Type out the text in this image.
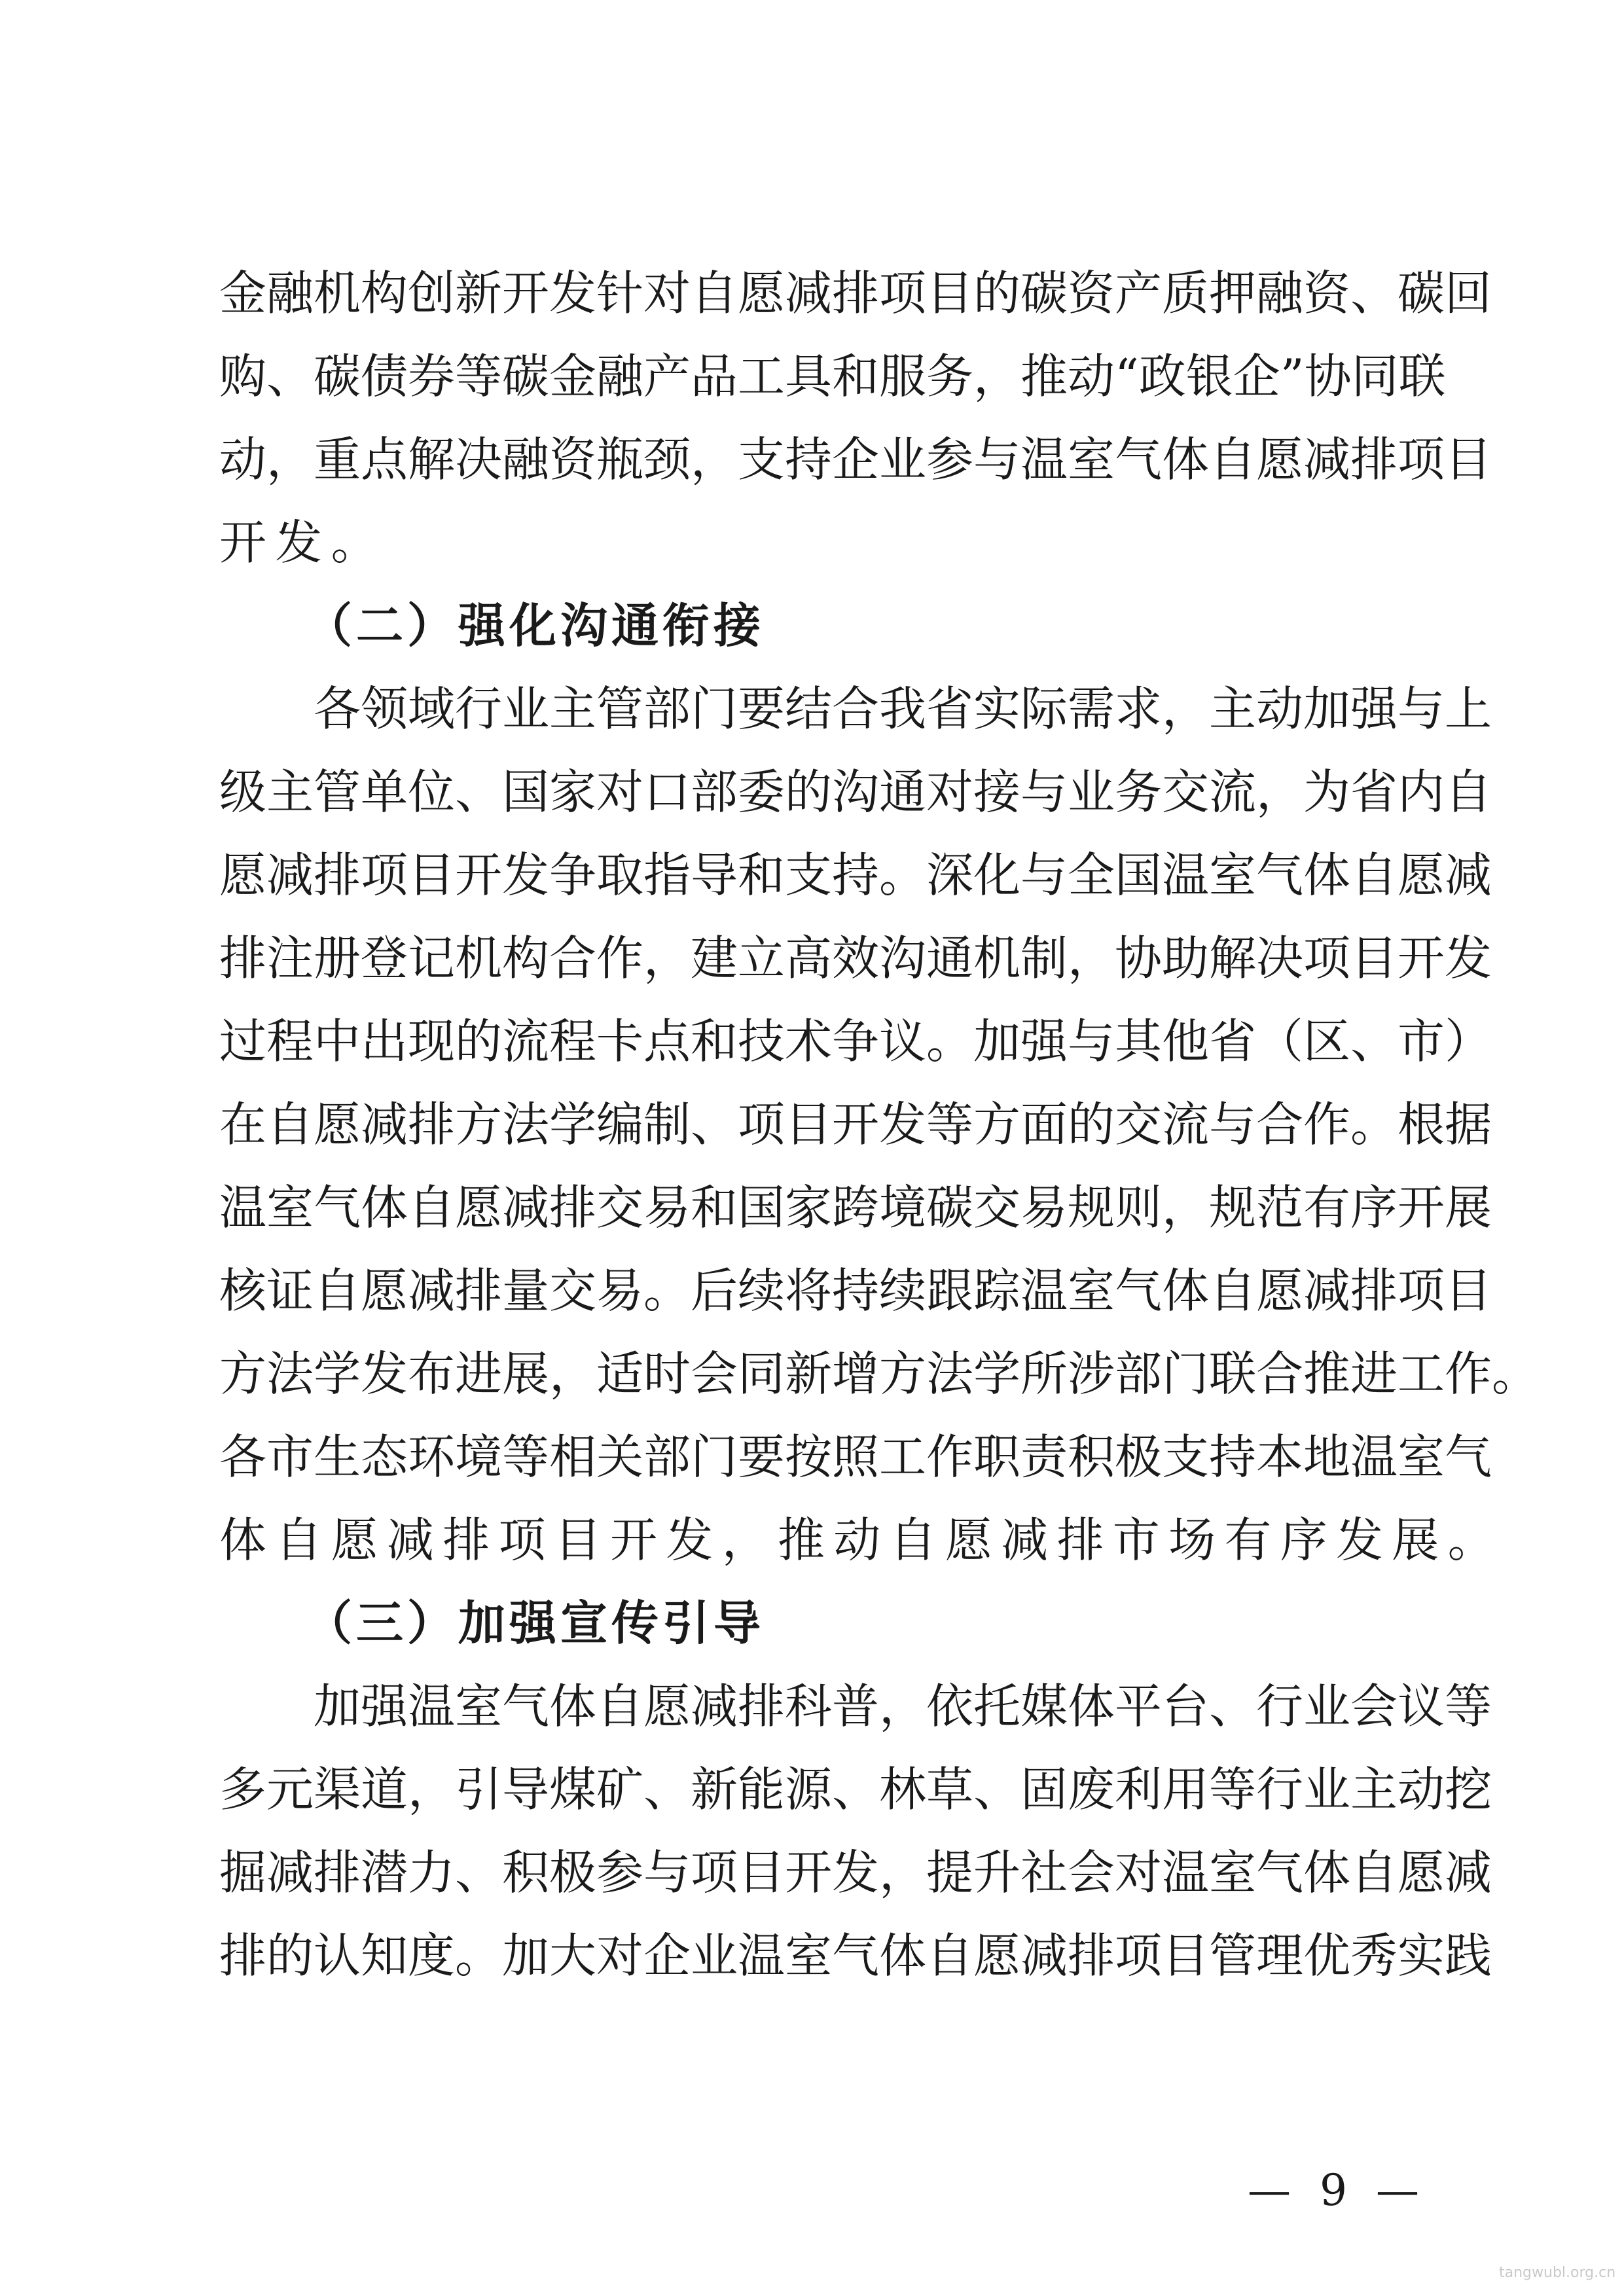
金融机构创新开发针对自愿减排项目的碳资产质押融资、碳回
购、碳债券等碳金融产品工具和服务，推动“政银企”协同联
动，重点解决融资瓶颈，支持企业参与温室气体自愿减排项目
开发。
（二）强化沟通衔接
各领域行业主管部门要结合我省实际需求，主动加强与上
级主管单位、国家对口部委的沟通对接与业务交流，为省内自
愿减排项目开发争取指导和支持。深化与全国温室气体自愿减
排注册登记机构合作，建立高效沟通机制，协助解决项目开发
过程中出现的流程卡点和技术争议。加强与其他省（区、市）
在自愿减排方法学编制、项目开发等方面的交流与合作。根据
温室气体自愿减排交易和国家跨境碳交易规则，规范有序开展
核证自愿减排量交易。后续将持续跟踪温室气体自愿减排项目
方法学发布进展，适时会同新增方法学所涉部门联合推进工作。
各市生态环境等相关部门要按照工作职责积极支持本地温室气
体自愿减排项目开发，推动自愿减排市场有序发展。
（三）加强宣传引导
加强温室气体自愿减排科普，依托媒体平台、行业会议等
多元渠道，引导煤矿、新能源、林草、固废利用等行业主动挖
掘减排潜力、积极参与项目开发，提升社会对温室气体自愿减
排的认知度。加大对企业温室气体自愿减排项目管理优秀实践
— 9 —
tangwubl.org.cn
